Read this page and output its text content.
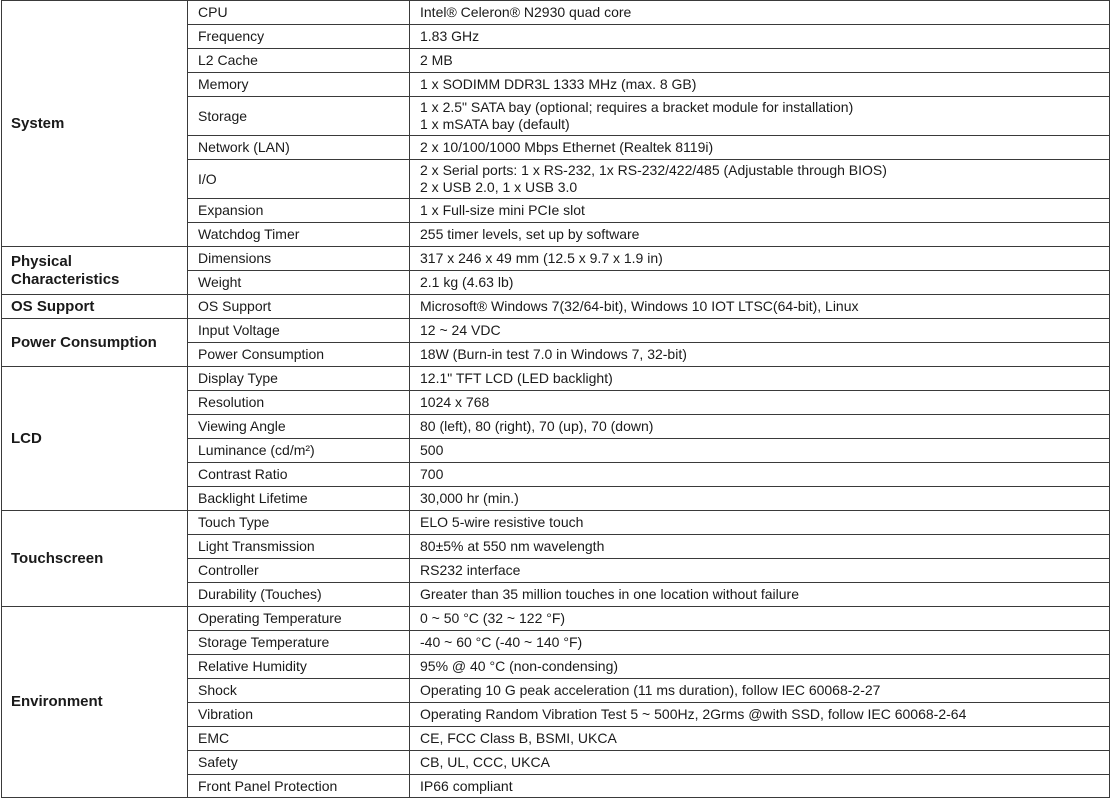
System	CPU	Intel® Celeron® N2930 quad core

	Frequency	1.83 GHz

	L2 Cache	2 MB

	Memory	1 x SODIMM DDR3L 1333 MHz (max. 8 GB)

	Storage	1 x 2.5" SATA bay (optional; requires a bracket module for installation)
1 x mSATA bay (default)

	Network (LAN)	2 x 10/100/1000 Mbps Ethernet (Realtek 8119i)

	I/O	2 x Serial ports: 1 x RS-232, 1x RS-232/422/485 (Adjustable through BIOS)
2 x USB 2.0, 1 x USB 3.0

	Expansion	1 x Full-size mini PCIe slot

	Watchdog Timer	255 timer levels, set up by software

Physical
Characteristics	Dimensions	317 x 246 x 49 mm (12.5 x 9.7 x 1.9 in)

	Weight	2.1 kg (4.63 lb)

OS Support	OS Support	Microsoft® Windows 7(32/64-bit), Windows 10 IOT LTSC(64-bit), Linux

Power Consumption	Input Voltage	12 ~ 24 VDC

	Power Consumption	18W (Burn-in test 7.0 in Windows 7, 32-bit)

LCD	Display Type	12.1" TFT LCD (LED backlight)

	Resolution	1024 x 768

	Viewing Angle	80 (left), 80 (right), 70 (up), 70 (down)

	Luminance (cd/m²)	500

	Contrast Ratio	700

	Backlight Lifetime	30,000 hr (min.)

Touchscreen	Touch Type	ELO 5-wire resistive touch

	Light Transmission	80±5% at 550 nm wavelength

	Controller	RS232 interface

	Durability (Touches)	Greater than 35 million touches in one location without failure

Environment	Operating Temperature	0 ~ 50 °C (32 ~ 122 °F)

	Storage Temperature	-40 ~ 60 °C (-40 ~ 140 °F)

	Relative Humidity	95% @ 40 °C (non-condensing)

	Shock	Operating 10 G peak acceleration (11 ms duration), follow IEC 60068-2-27

	Vibration	Operating Random Vibration Test 5 ~ 500Hz, 2Grms @with SSD, follow IEC 60068-2-64

	EMC	CE, FCC Class B, BSMI, UKCA

	Safety	CB, UL, CCC, UKCA

	Front Panel Protection	IP66 compliant
